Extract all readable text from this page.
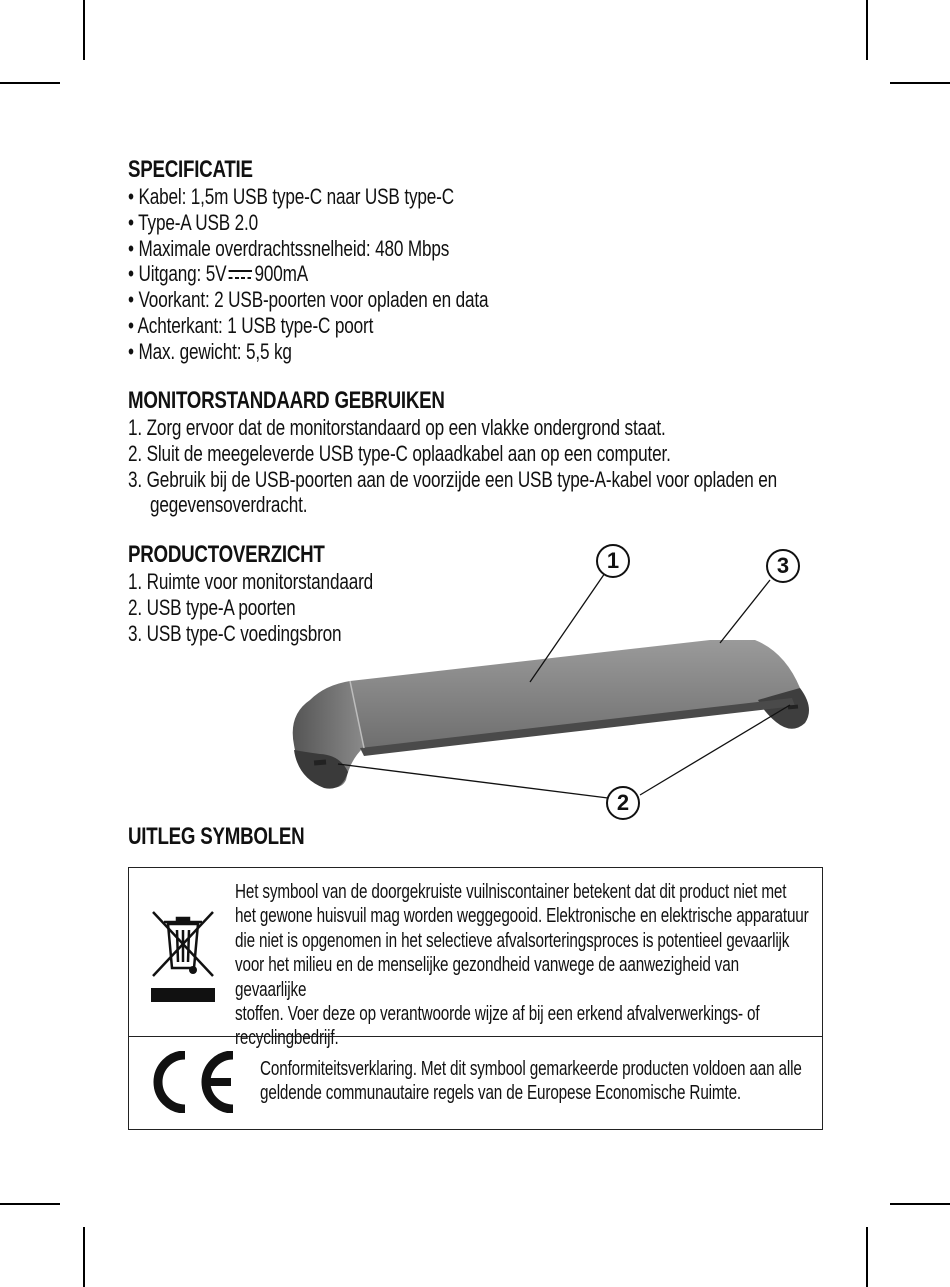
SPECIFICATIE
• Kabel: 1,5m USB type-C naar USB type-C
• Type-A USB 2.0
• Maximale overdrachtssnelheid: 480 Mbps
• Uitgang: 5V 900mA
• Voorkant: 2 USB-poorten voor opladen en data
• Achterkant: 1 USB type-C poort
• Max. gewicht: 5,5 kg
MONITORSTANDAARD GEBRUIKEN
1. Zorg ervoor dat de monitorstandaard op een vlakke ondergrond staat.
2. Sluit de meegeleverde USB type-C oplaadkabel aan op een computer.
3. Gebruik bij de USB-poorten aan de voorzijde een USB type-A-kabel voor opladen en
gegevensoverdracht.
PRODUCTOVERZICHT
1. Ruimte voor monitorstandaard
2. USB type-A poorten
3. USB type-C voedingsbron
UITLEG SYMBOLEN
1
2
3
Het symbool van de doorgekruiste vuilniscontainer betekent dat dit product niet met
het gewone huisvuil mag worden weggegooid. Elektronische en elektrische apparatuur
die niet is opgenomen in het selectieve afvalsorteringsproces is potentieel gevaarlijk
voor het milieu en de menselijke gezondheid vanwege de aanwezigheid van gevaarlijke
stoffen. Voer deze op verantwoorde wijze af bij een erkend afvalverwerkings- of
recyclingbedrijf.

Conformiteitsverklaring. Met dit symbool gemarkeerde producten voldoen aan alle
geldende communautaire regels van de Europese Economische Ruimte.
